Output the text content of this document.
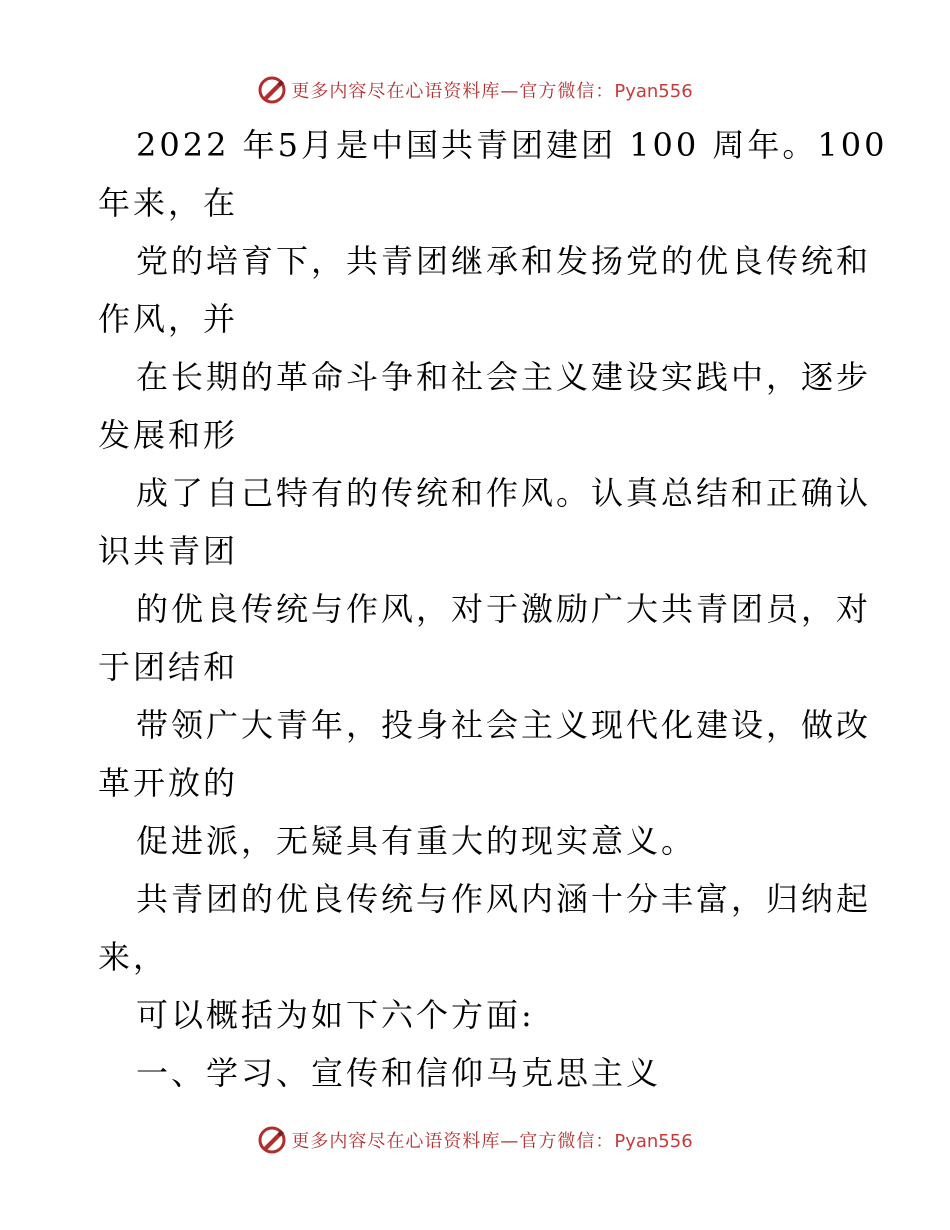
更多内容尽在心语资料库—官方微信：Pyan556
2022 年5月是中国共青团建团 100 周年。100
年来，在
党的培育下，共青团继承和发扬党的优良传统和
作风，并
在长期的革命斗争和社会主义建设实践中，逐步
发展和形
成了自己特有的传统和作风。认真总结和正确认
识共青团
的优良传统与作风，对于激励广大共青团员，对
于团结和
带领广大青年，投身社会主义现代化建设，做改
革开放的
促进派，无疑具有重大的现实意义。
共青团的优良传统与作风内涵十分丰富，归纳起
来，
可以概括为如下六个方面:
一、学习、宣传和信仰马克思主义
更多内容尽在心语资料库—官方微信：Pyan556
